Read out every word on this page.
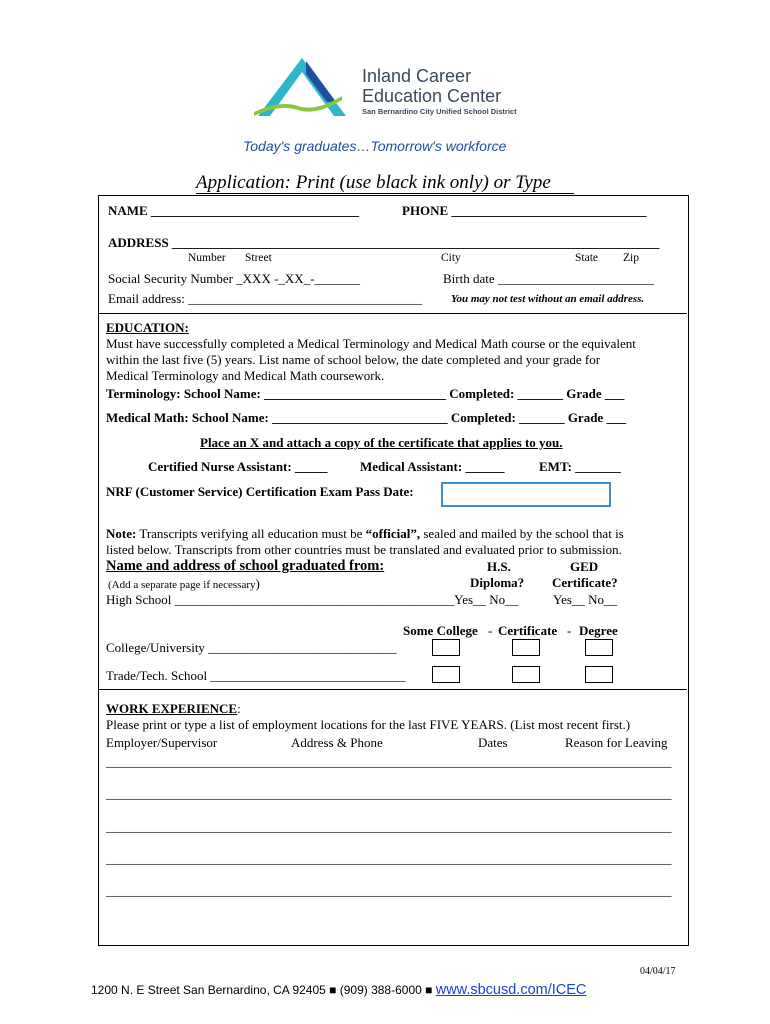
Inland Career
Education Center
San Bernardino City Unified School District
Today's graduates…Tomorrow's workforce
Application: Print (use black ink only) or Type
NAME ________________________________	PHONE ______________________________
ADDRESS ___________________________________________________________________________
Number Street	City	State Zip
Social Security Number _XXX -_XX_-_______	Birth date ________________________
Email address: ____________________________________	You may not test without an email address.
EDUCATION:
Must have successfully completed a Medical Terminology and Medical Math course or the equivalent
within the last five (5) years. List name of school below, the date completed and your grade for
Medical Terminology and Medical Math coursework.
Terminology: School Name: ____________________________ Completed: _______ Grade ___
Medical Math: School Name: ___________________________ Completed: _______ Grade ___
Place an X and attach a copy of the certificate that applies to you.
Certified Nurse Assistant: _____	Medical Assistant: ______	EMT: _______
NRF (Customer Service) Certification Exam Pass Date:
Note: Transcripts verifying all education must be “official”, sealed and mailed by the school that is
listed below. Transcripts from other countries must be translated and evaluated prior to submission.
Name and address of school graduated from:	H.S.
Diploma?
GED
Certificate?
(Add a separate page if necessary)
High School ___________________________________________Yes__ No__	Yes__ No__
Some College - Certificate - Degree
College/University _____________________________
Trade/Tech. School ______________________________
WORK EXPERIENCE:
Please print or type a list of employment locations for the last FIVE YEARS. (List most recent first.)
Employer/Supervisor	Address & Phone	Dates	Reason for Leaving
_______________________________________________________________________________________
_______________________________________________________________________________________
_______________________________________________________________________________________
_______________________________________________________________________________________
_______________________________________________________________________________________
04/04/17
1200 N. E Street San Bernardino, CA 92405 ■ (909) 388-6000 ■ www.sbcusd.com/ICEC
